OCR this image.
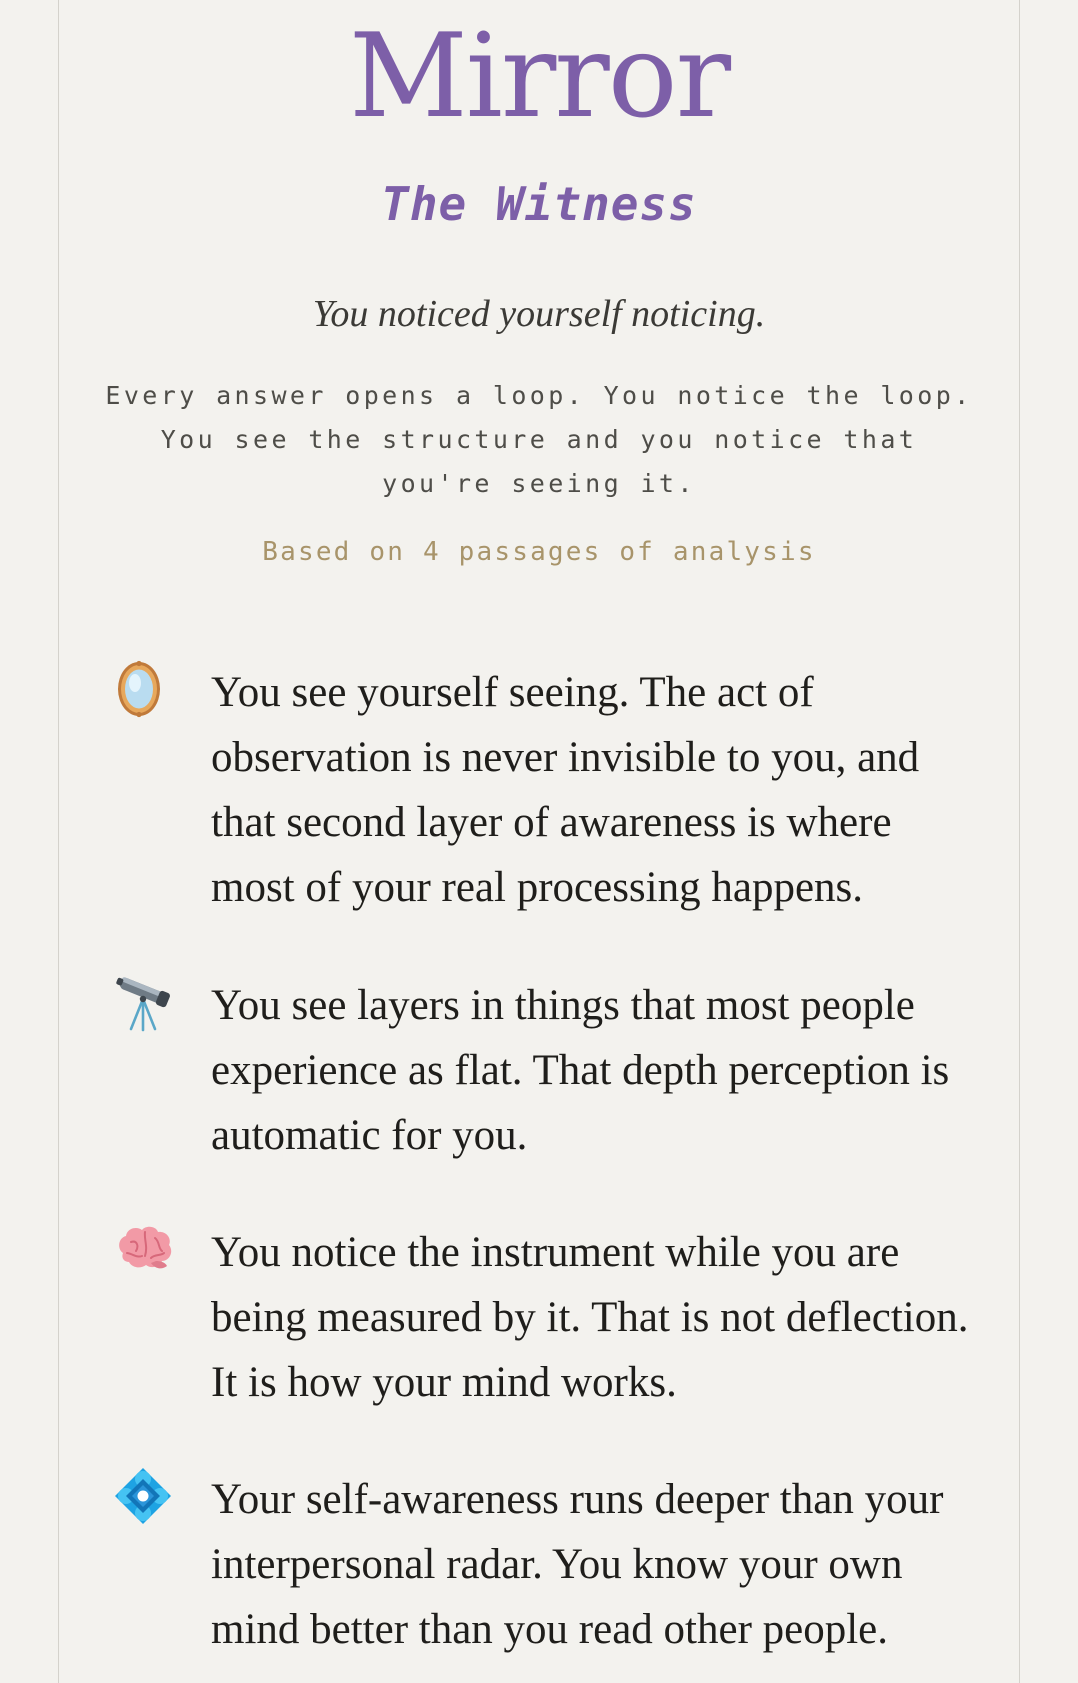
Mirror
The Witness
You noticed yourself noticing.
Every answer opens a loop. You notice the loop. You see the structure and you notice that you're seeing it.
Based on 4 passages of analysis
You see yourself seeing. The act of observation is never invisible to you, and that second layer of awareness is where most of your real processing happens.
You see layers in things that most people experience as flat. That depth perception is automatic for you.
You notice the instrument while you are being measured by it. That is not deflection. It is how your mind works.
Your self-awareness runs deeper than your interpersonal radar. You know your own mind better than you read other people.
